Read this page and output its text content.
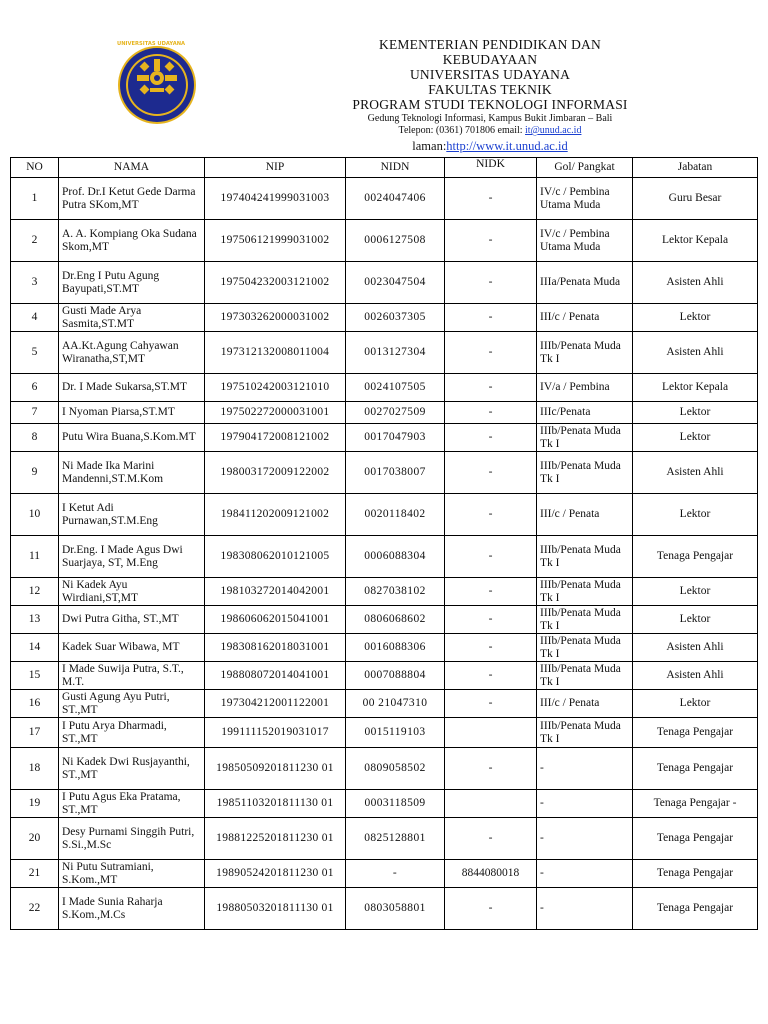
UNIVERSITAS UDAYANA	KEMENTERIAN PENDIDIKAN DAN
KEBUDAYAAN
UNIVERSITAS UDAYANA
FAKULTAS TEKNIK
PROGRAM STUDI TEKNOLOGI INFORMASI
Gedung Teknologi Informasi, Kampus Bukit Jimbaran – Bali
Telepon: (0361) 701806 email: it@unud.ac.id
laman:http://www.it.unud.ac.id
NO	NAMA	NIP	NIDN	NIDK	Gol/ Pangkat	Jabatan
1	Prof. Dr.I Ketut Gede Darma Putra SKom,MT	197404241999031003	0024047406	-	IV/c / Pembina Utama Muda	Guru Besar
2	A. A. Kompiang Oka Sudana Skom,MT	197506121999031002	0006127508	-	IV/c / Pembina Utama Muda	Lektor Kepala
3	Dr.Eng I Putu Agung Bayupati,ST.MT	197504232003121002	0023047504	-	IIIa/Penata Muda	Asisten Ahli
4	Gusti Made Arya Sasmita,ST.MT	197303262000031002	0026037305	-	III/c / Penata	Lektor
5	AA.Kt.Agung Cahyawan Wiranatha,ST,MT	197312132008011004	0013127304	-	IIIb/Penata Muda Tk I	Asisten Ahli
6	Dr. I Made Sukarsa,ST.MT	197510242003121010	0024107505	-	IV/a / Pembina	Lektor Kepala
7	I Nyoman Piarsa,ST.MT	197502272000031001	0027027509	-	IIIc/Penata	Lektor
8	Putu Wira Buana,S.Kom.MT	197904172008121002	0017047903	-	IIIb/Penata Muda Tk I	Lektor
9	Ni Made Ika Marini Mandenni,ST.M.Kom	198003172009122002	0017038007	-	IIIb/Penata Muda Tk I	Asisten Ahli
10	I Ketut Adi Purnawan,ST.M.Eng	198411202009121002	0020118402	-	III/c / Penata	Lektor
11	Dr.Eng. I Made Agus Dwi Suarjaya, ST, M.Eng	198308062010121005	0006088304	-	IIIb/Penata Muda Tk I	Tenaga Pengajar
12	Ni Kadek Ayu Wirdiani,ST,MT	198103272014042001	0827038102	-	IIIb/Penata Muda Tk I	Lektor
13	Dwi Putra Githa, ST.,MT	198606062015041001	0806068602	-	IIIb/Penata Muda Tk I	Lektor
14	Kadek Suar Wibawa, MT	198308162018031001	0016088306	-	IIIb/Penata Muda Tk I	Asisten Ahli
15	I Made Suwija Putra, S.T., M.T.	198808072014041001	0007088804	-	IIIb/Penata Muda Tk I	Asisten Ahli
16	Gusti Agung Ayu Putri, ST.,MT	197304212001122001	00 21047310	-	III/c / Penata	Lektor
17	I Putu Arya Dharmadi, ST.,MT	199111152019031017	0015119103		IIIb/Penata Muda Tk I	Tenaga Pengajar
18	Ni Kadek Dwi Rusjayanthi, ST.,MT	19850509201811230 01	0809058502	-	-	Tenaga Pengajar
19	I Putu Agus Eka Pratama, ST.,MT	19851103201811130 01	0003118509		-	Tenaga Pengajar -
20	Desy Purnami Singgih Putri, S.Si.,M.Sc	19881225201811230 01	0825128801	-	-	Tenaga Pengajar
21	Ni Putu Sutramiani, S.Kom.,MT	19890524201811230 01	-	8844080018	-	Tenaga Pengajar
22	I Made Sunia Raharja S.Kom.,M.Cs	19880503201811130 01	0803058801	-	-	Tenaga Pengajar
